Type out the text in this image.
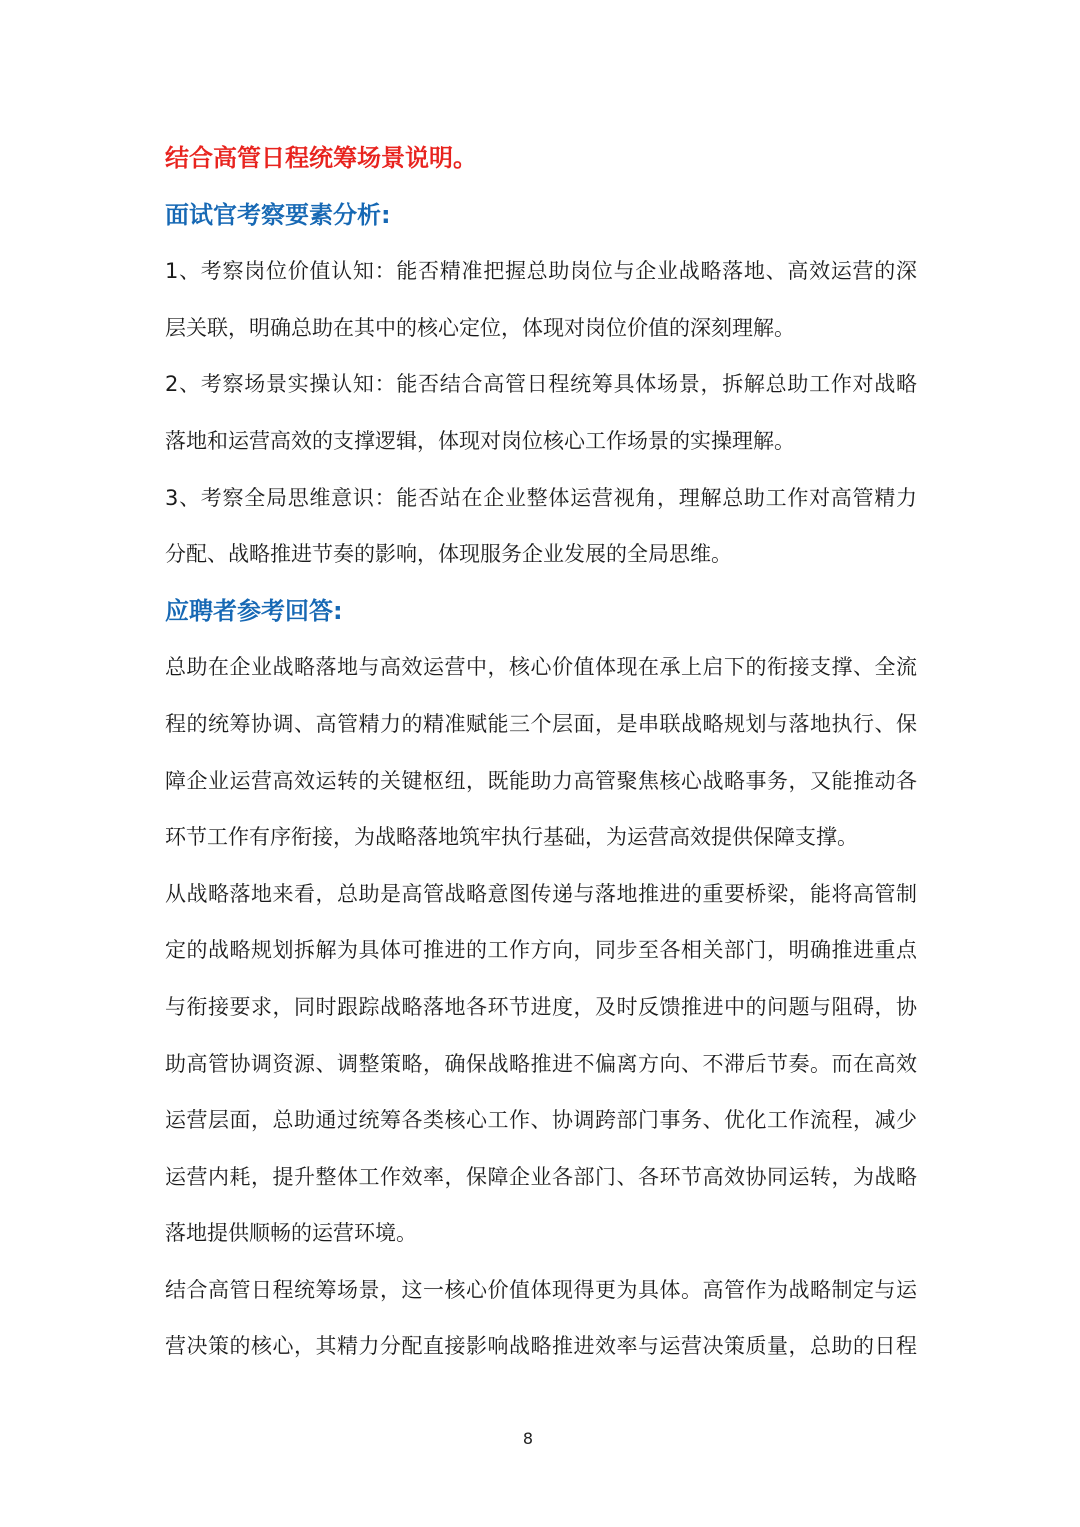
结合高管日程统筹场景说明。
面试官考察要素分析:
1、考察岗位价值认知：能否精准把握总助岗位与企业战略落地、高效运营的深
层关联，明确总助在其中的核心定位，体现对岗位价值的深刻理解。
2、考察场景实操认知：能否结合高管日程统筹具体场景，拆解总助工作对战略
落地和运营高效的支撑逻辑，体现对岗位核心工作场景的实操理解。
3、考察全局思维意识：能否站在企业整体运营视角，理解总助工作对高管精力
分配、战略推进节奏的影响，体现服务企业发展的全局思维。
应聘者参考回答:
总助在企业战略落地与高效运营中，核心价值体现在承上启下的衔接支撑、全流
程的统筹协调、高管精力的精准赋能三个层面，是串联战略规划与落地执行、保
障企业运营高效运转的关键枢纽，既能助力高管聚焦核心战略事务，又能推动各
环节工作有序衔接，为战略落地筑牢执行基础，为运营高效提供保障支撑。
从战略落地来看，总助是高管战略意图传递与落地推进的重要桥梁，能将高管制
定的战略规划拆解为具体可推进的工作方向，同步至各相关部门，明确推进重点
与衔接要求，同时跟踪战略落地各环节进度，及时反馈推进中的问题与阻碍，协
助高管协调资源、调整策略，确保战略推进不偏离方向、不滞后节奏。而在高效
运营层面，总助通过统筹各类核心工作、协调跨部门事务、优化工作流程，减少
运营内耗，提升整体工作效率，保障企业各部门、各环节高效协同运转，为战略
落地提供顺畅的运营环境。
结合高管日程统筹场景，这一核心价值体现得更为具体。高管作为战略制定与运
营决策的核心，其精力分配直接影响战略推进效率与运营决策质量，总助的日程
8
